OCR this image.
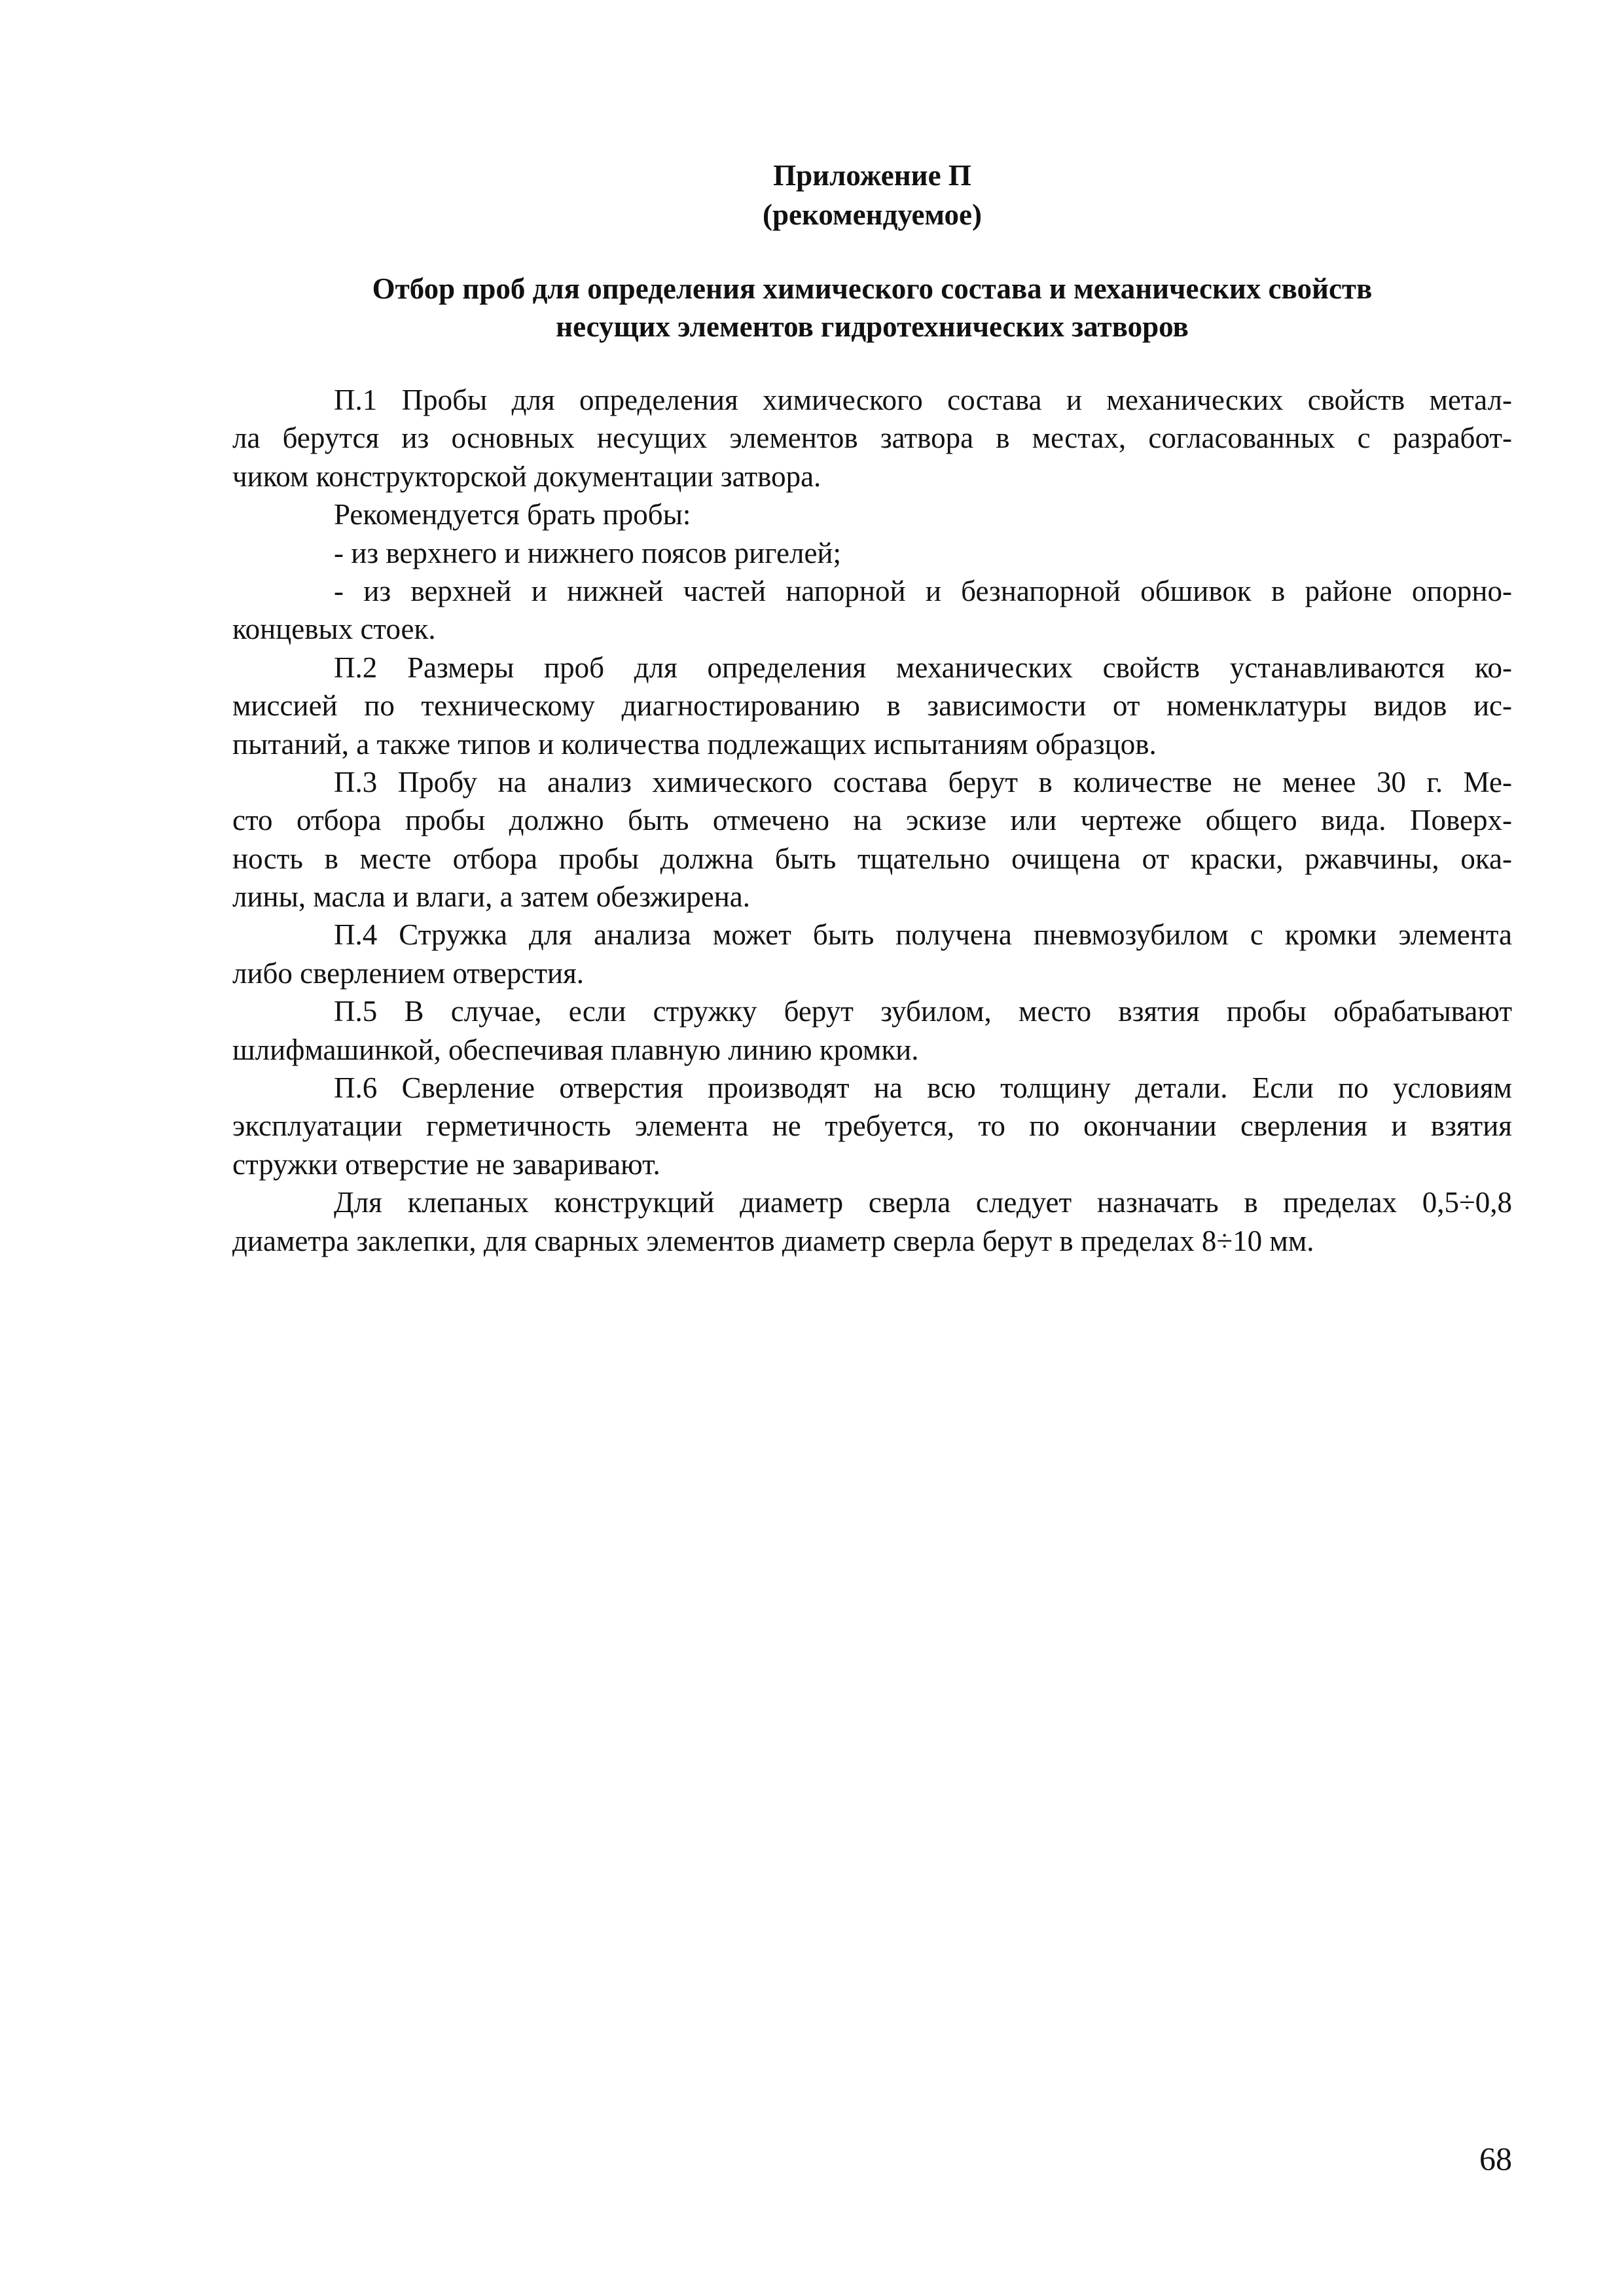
Приложение П
(рекомендуемое)
Отбор проб для определения химического состава и механических свойств
несущих элементов гидротехнических затворов
П.1 Пробы для определения химического состава и механических свойств метал-
ла берутся из основных несущих элементов затвора в местах, согласованных с разработ-
чиком конструкторской документации затвора.
Рекомендуется брать пробы:
- из верхнего и нижнего поясов ригелей;
- из верхней и нижней частей напорной и безнапорной обшивок в районе опорно-
концевых стоек.
П.2 Размеры проб для определения механических свойств устанавливаются ко-
миссией по техническому диагностированию в зависимости от номенклатуры видов ис-
пытаний, а также типов и количества подлежащих испытаниям образцов.
П.3 Пробу на анализ химического состава берут в количестве не менее 30 г. Ме-
сто отбора пробы должно быть отмечено на эскизе или чертеже общего вида. Поверх-
ность в месте отбора пробы должна быть тщательно очищена от краски, ржавчины, ока-
лины, масла и влаги, а затем обезжирена.
П.4 Стружка для анализа может быть получена пневмозубилом с кромки элемента
либо сверлением отверстия.
П.5 В случае, если стружку берут зубилом, место взятия пробы обрабатывают
шлифмашинкой, обеспечивая плавную линию кромки.
П.6 Сверление отверстия производят на всю толщину детали. Если по условиям
эксплуатации герметичность элемента не требуется, то по окончании сверления и взятия
стружки отверстие не заваривают.
Для клепаных конструкций диаметр сверла следует назначать в пределах 0,5÷0,8
диаметра заклепки, для сварных элементов диаметр сверла берут в пределах 8÷10 мм.
68
